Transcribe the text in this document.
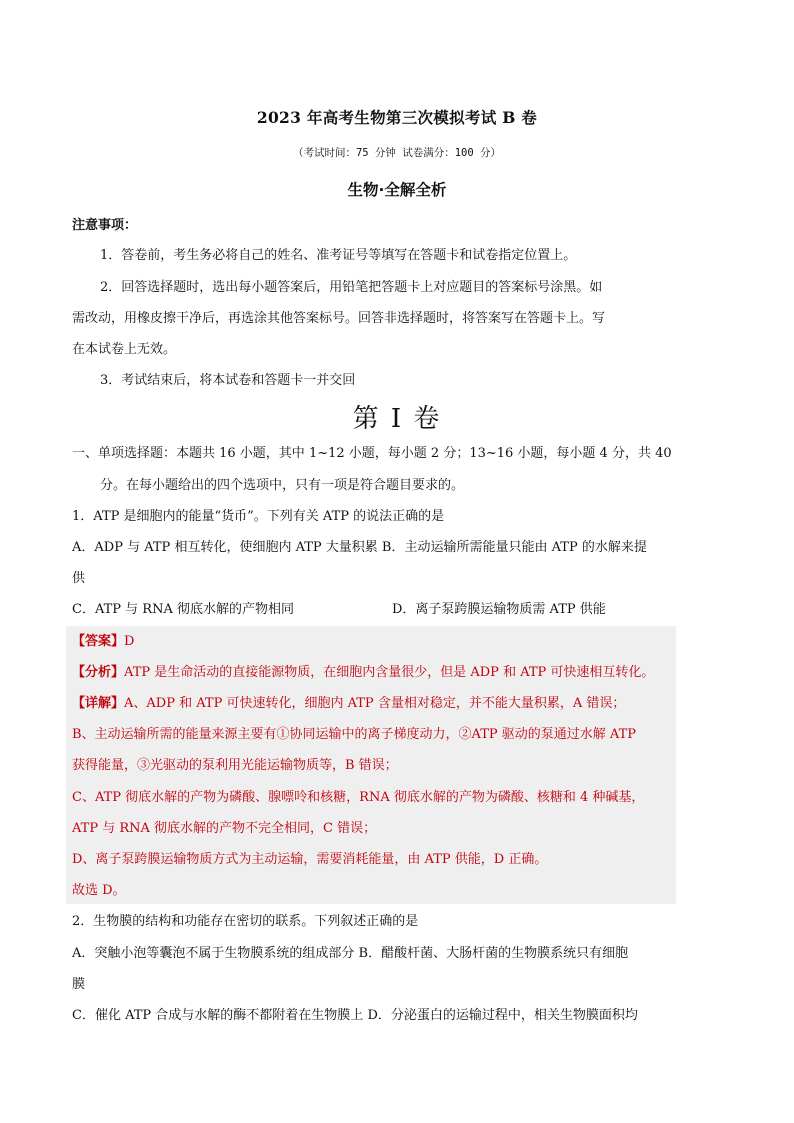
2023 年高考生物第三次模拟考试 B 卷
（考试时间：75 分钟 试卷满分：100 分）
生物·全解全析
注意事项：
1．答卷前，考生务必将自己的姓名、准考证号等填写在答题卡和试卷指定位置上。
2．回答选择题时，选出每小题答案后，用铅笔把答题卡上对应题目的答案标号涂黑。如
需改动，用橡皮擦干净后，再选涂其他答案标号。回答非选择题时，将答案写在答题卡上。写
在本试卷上无效。
3．考试结束后，将本试卷和答题卡一并交回
第 I 卷
一、单项选择题：本题共 16 小题，其中 1~12 小题，每小题 2 分；13~16 小题，每小题 4 分，共 40
分。在每小题给出的四个选项中，只有一项是符合题目要求的。
1．ATP 是细胞内的能量“货币”。下列有关 ATP 的说法正确的是
A．ADP 与 ATP 相互转化，使细胞内 ATP 大量积累 B．主动运输所需能量只能由 ATP 的水解来提
供
C．ATP 与 RNA 彻底水解的产物相同	D．离子泵跨膜运输物质需 ATP 供能
【答案】D
【分析】ATP 是生命活动的直接能源物质，在细胞内含量很少，但是 ADP 和 ATP 可快速相互转化。
【详解】A、ADP 和 ATP 可快速转化，细胞内 ATP 含量相对稳定，并不能大量积累，A 错误；
B、主动运输所需的能量来源主要有①协同运输中的离子梯度动力，②ATP 驱动的泵通过水解 ATP
获得能量，③光驱动的泵利用光能运输物质等，B 错误；
C、ATP 彻底水解的产物为磷酸、腺嘌呤和核糖，RNA 彻底水解的产物为磷酸、核糖和 4 种碱基，
ATP 与 RNA 彻底水解的产物不完全相同，C 错误；
D、离子泵跨膜运输物质方式为主动运输，需要消耗能量，由 ATP 供能，D 正确。
故选 D。
2．生物膜的结构和功能存在密切的联系。下列叙述正确的是
A．突触小泡等囊泡不属于生物膜系统的组成部分 B．醋酸杆菌、大肠杆菌的生物膜系统只有细胞
膜
C．催化 ATP 合成与水解的酶不都附着在生物膜上 D．分泌蛋白的运输过程中，相关生物膜面积均
